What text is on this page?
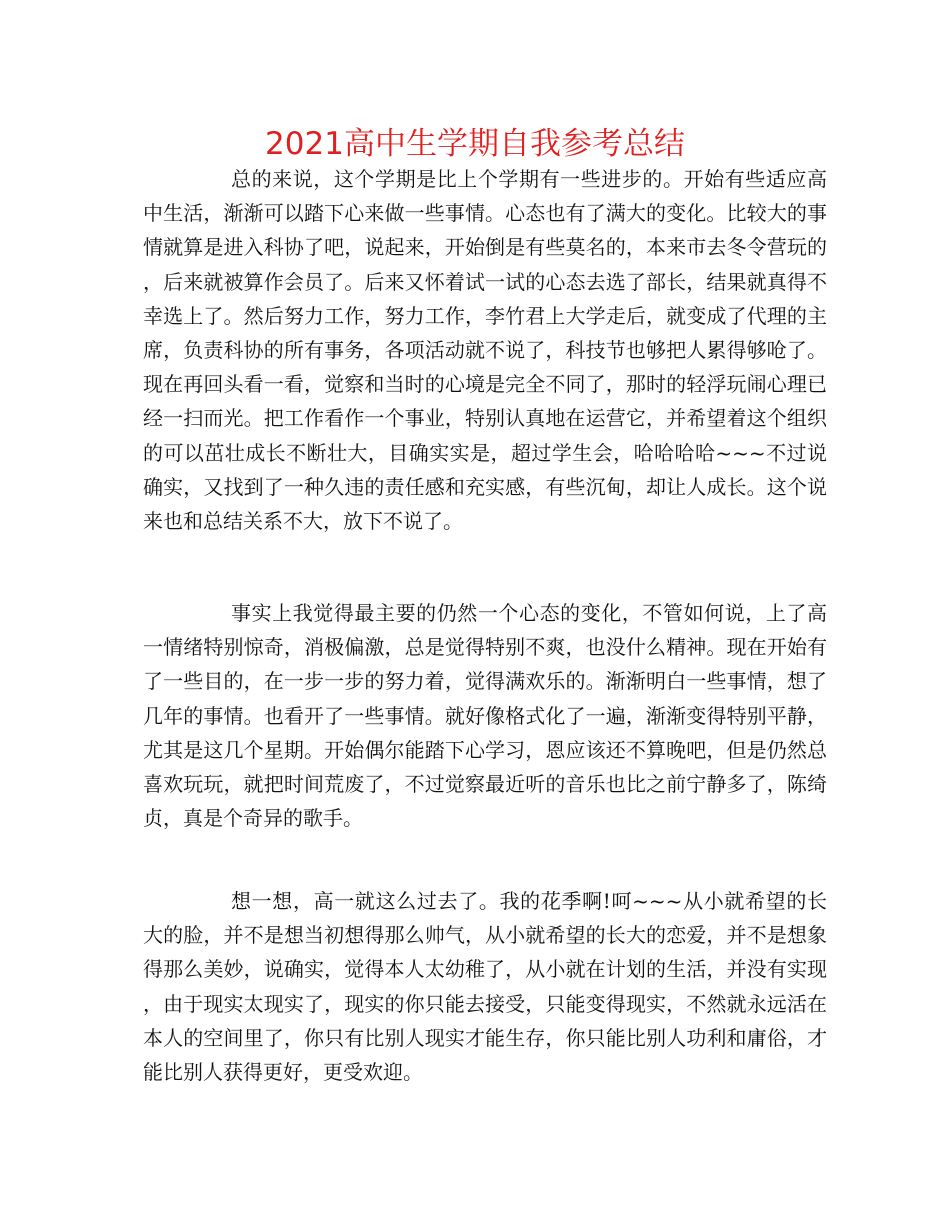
2021高中生学期自我参考总结

总的来说，这个学期是比上个学期有一些进步的。开始有些适应高中生活，渐渐可以踏下心来做一些事情。心态也有了满大的变化。比较大的事情就算是进入科协了吧，说起来，开始倒是有些莫名的，本来市去冬令营玩的，后来就被算作会员了。后来又怀着试一试的心态去选了部长，结果就真得不幸选上了。然后努力工作，努力工作，李竹君上大学走后，就变成了代理的主席，负责科协的所有事务，各项活动就不说了，科技节也够把人累得够呛了。现在再回头看一看，觉察和当时的心境是完全不同了，那时的轻浮玩闹心理已经一扫而光。把工作看作一个事业，特别认真地在运营它，并希望着这个组织的可以茁壮成长不断壮大，目确实实是，超过学生会，哈哈哈哈~~~不过说确实，又找到了一种久违的责任感和充实感，有些沉甸，却让人成长。这个说来也和总结关系不大，放下不说了。

事实上我觉得最主要的仍然一个心态的变化，不管如何说，上了高一情绪特别惊奇，消极偏激，总是觉得特别不爽，也没什么精神。现在开始有了一些目的，在一步一步的努力着，觉得满欢乐的。渐渐明白一些事情，想了几年的事情。也看开了一些事情。就好像格式化了一遍，渐渐变得特别平静，尤其是这几个星期。开始偶尔能踏下心学习，恩应该还不算晚吧，但是仍然总喜欢玩玩，就把时间荒废了，不过觉察最近听的音乐也比之前宁静多了，陈绮贞，真是个奇异的歌手。

想一想，高一就这么过去了。我的花季啊!呵~~~从小就希望的长大的脸，并不是想当初想得那么帅气，从小就希望的长大的恋爱，并不是想象得那么美妙，说确实，觉得本人太幼稚了，从小就在计划的生活，并没有实现，由于现实太现实了，现实的你只能去接受，只能变得现实，不然就永远活在本人的空间里了，你只有比别人现实才能生存，你只能比别人功利和庸俗，才能比别人获得更好，更受欢迎。
